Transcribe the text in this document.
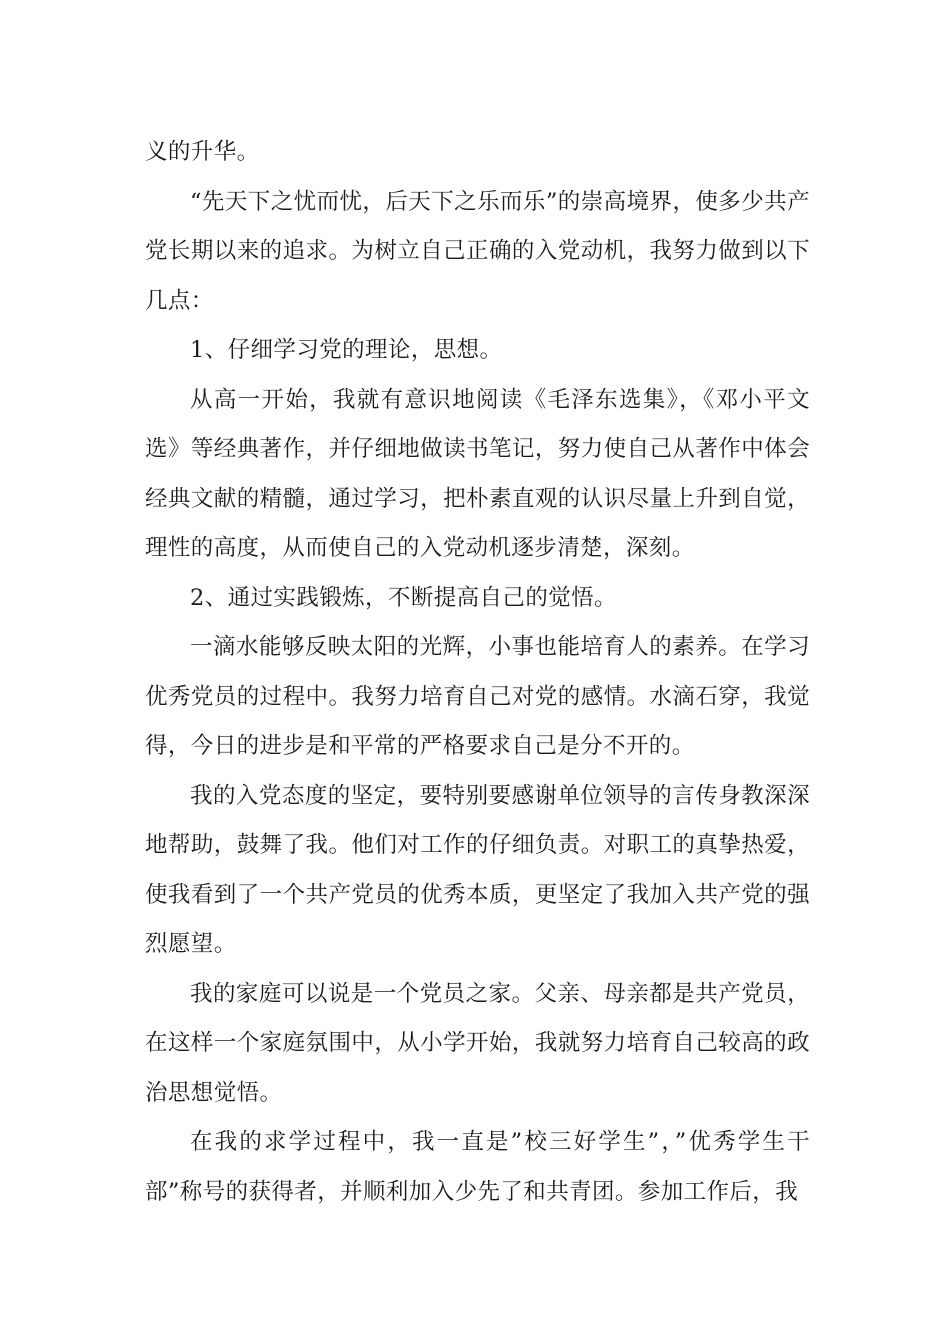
义的升华。

“先天下之忧而忧，后天下之乐而乐”的崇高境界，使多少共产党长期以来的追求。为树立自己正确的入党动机，我努力做到以下几点：

1、仔细学习党的理论，思想。

从高一开始，我就有意识地阅读《毛泽东选集》，《邓小平文选》等经典著作，并仔细地做读书笔记，努力使自己从著作中体会经典文献的精髓，通过学习，把朴素直观的认识尽量上升到自觉，理性的高度，从而使自己的入党动机逐步清楚，深刻。

2、通过实践锻炼，不断提高自己的觉悟。

一滴水能够反映太阳的光辉，小事也能培育人的素养。在学习优秀党员的过程中。我努力培育自己对党的感情。水滴石穿，我觉得，今日的进步是和平常的严格要求自己是分不开的。

我的入党态度的坚定，要特别要感谢单位领导的言传身教深深地帮助，鼓舞了我。他们对工作的仔细负责。对职工的真挚热爱，使我看到了一个共产党员的优秀本质，更坚定了我加入共产党的强烈愿望。

我的家庭可以说是一个党员之家。父亲、母亲都是共产党员，在这样一个家庭氛围中，从小学开始，我就努力培育自己较高的政治思想觉悟。

在我的求学过程中，我一直是”校三好学生”，”优秀学生干部”称号的获得者，并顺利加入少先了和共青团。参加工作后，我
